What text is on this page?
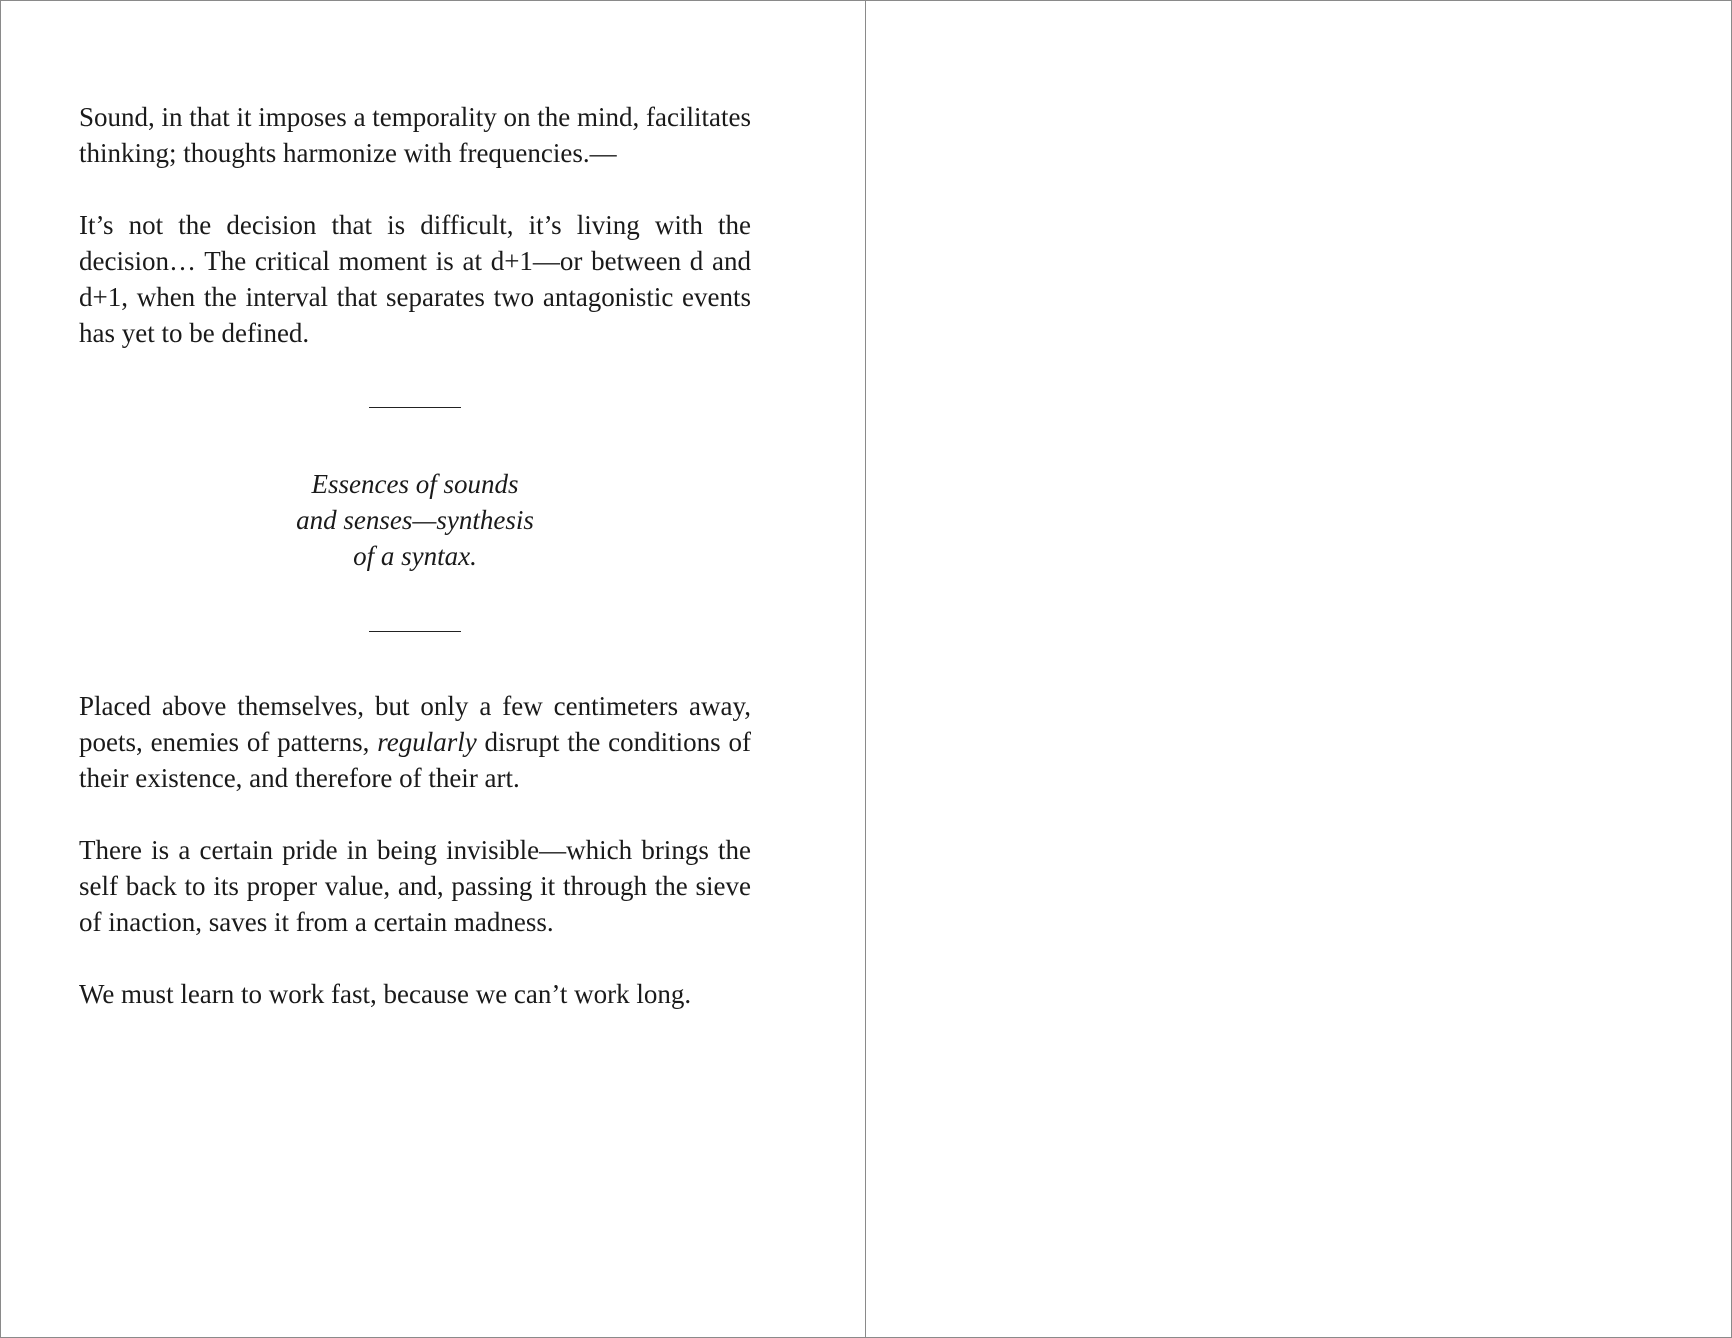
Sound, in that it imposes a temporality on the mind, facilitates thinking; thoughts harmonize with frequencies.—

It’s not the decision that is difficult, it’s living with the decision… The critical moment is at d+1—or between d and d+1, when the interval that separates two antagonistic events has yet to be defined.

Essences of sounds
and senses—synthesis
of a syntax.

Placed above themselves, but only a few centimeters away, poets, enemies of patterns, regularly disrupt the conditions of their existence, and therefore of their art.

There is a certain pride in being invisible—which brings the self back to its proper value, and, passing it through the sieve of inaction, saves it from a certain madness.

We must learn to work fast, because we can’t work long.
